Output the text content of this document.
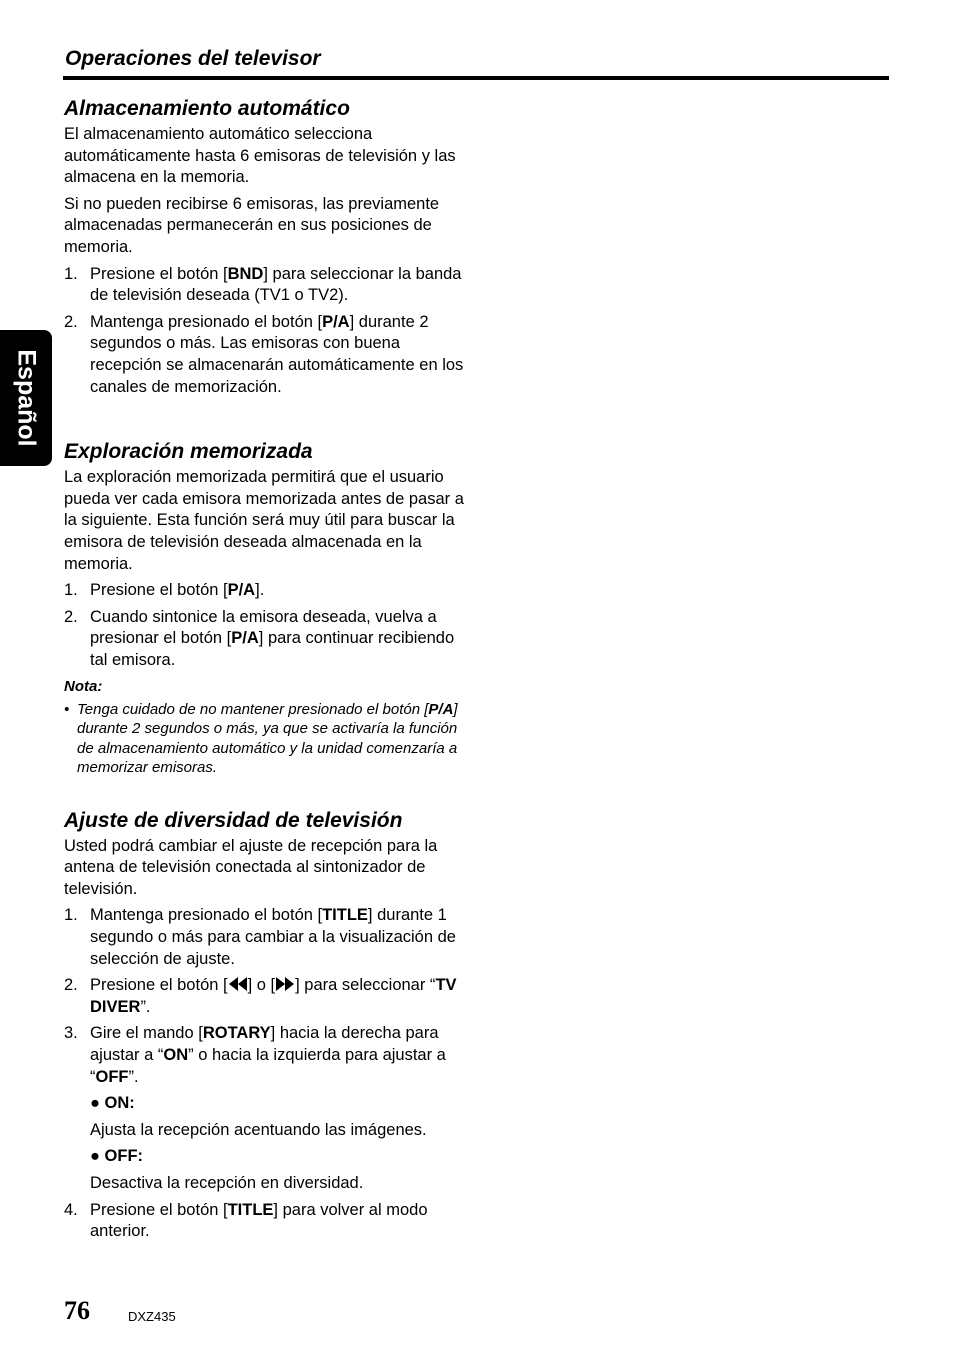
Operaciones del televisor
Español
Almacenamiento automático

El almacenamiento automático selecciona automáticamente hasta 6 emisoras de televisión y las almacena en la memoria.

Si no pueden recibirse 6 emisoras, las previamente almacenadas permanecerán en sus posiciones de memoria.

1. Presione el botón [BND] para seleccionar la banda de televisión deseada (TV1 o TV2).
2. Mantenga presionado el botón [P/A] durante 2 segundos o más. Las emisoras con buena recepción se almacenarán automáticamente en los canales de memorización.
Exploración memorizada

La exploración memorizada permitirá que el usuario pueda ver cada emisora memorizada antes de pasar a la siguiente. Esta función será muy útil para buscar la emisora de televisión deseada almacenada en la memoria.

1. Presione el botón [P/A].
2. Cuando sintonice la emisora deseada, vuelva a presionar el botón [P/A] para continuar recibiendo tal emisora.
Nota:
• Tenga cuidado de no mantener presionado el botón [P/A] durante 2 segundos o más, ya que se activaría la función de almacenamiento automático y la unidad comenzaría a memorizar emisoras.
Ajuste de diversidad de televisión

Usted podrá cambiar el ajuste de recepción para la antena de televisión conectada al sintonizador de televisión.

1. Mantenga presionado el botón [TITLE] durante 1 segundo o más para cambiar a la visualización de selección de ajuste.
2. Presione el botón [ ] o [ ] para seleccionar “TV DIVER”.
3. Gire el mando [ROTARY] hacia la derecha para ajustar a “ON” o hacia la izquierda para ajustar a “OFF”.
● ON:
Ajusta la recepción acentuando las imágenes.
● OFF:
Desactiva la recepción en diversidad.
4. Presione el botón [TITLE] para volver al modo anterior.
76	DXZ435
